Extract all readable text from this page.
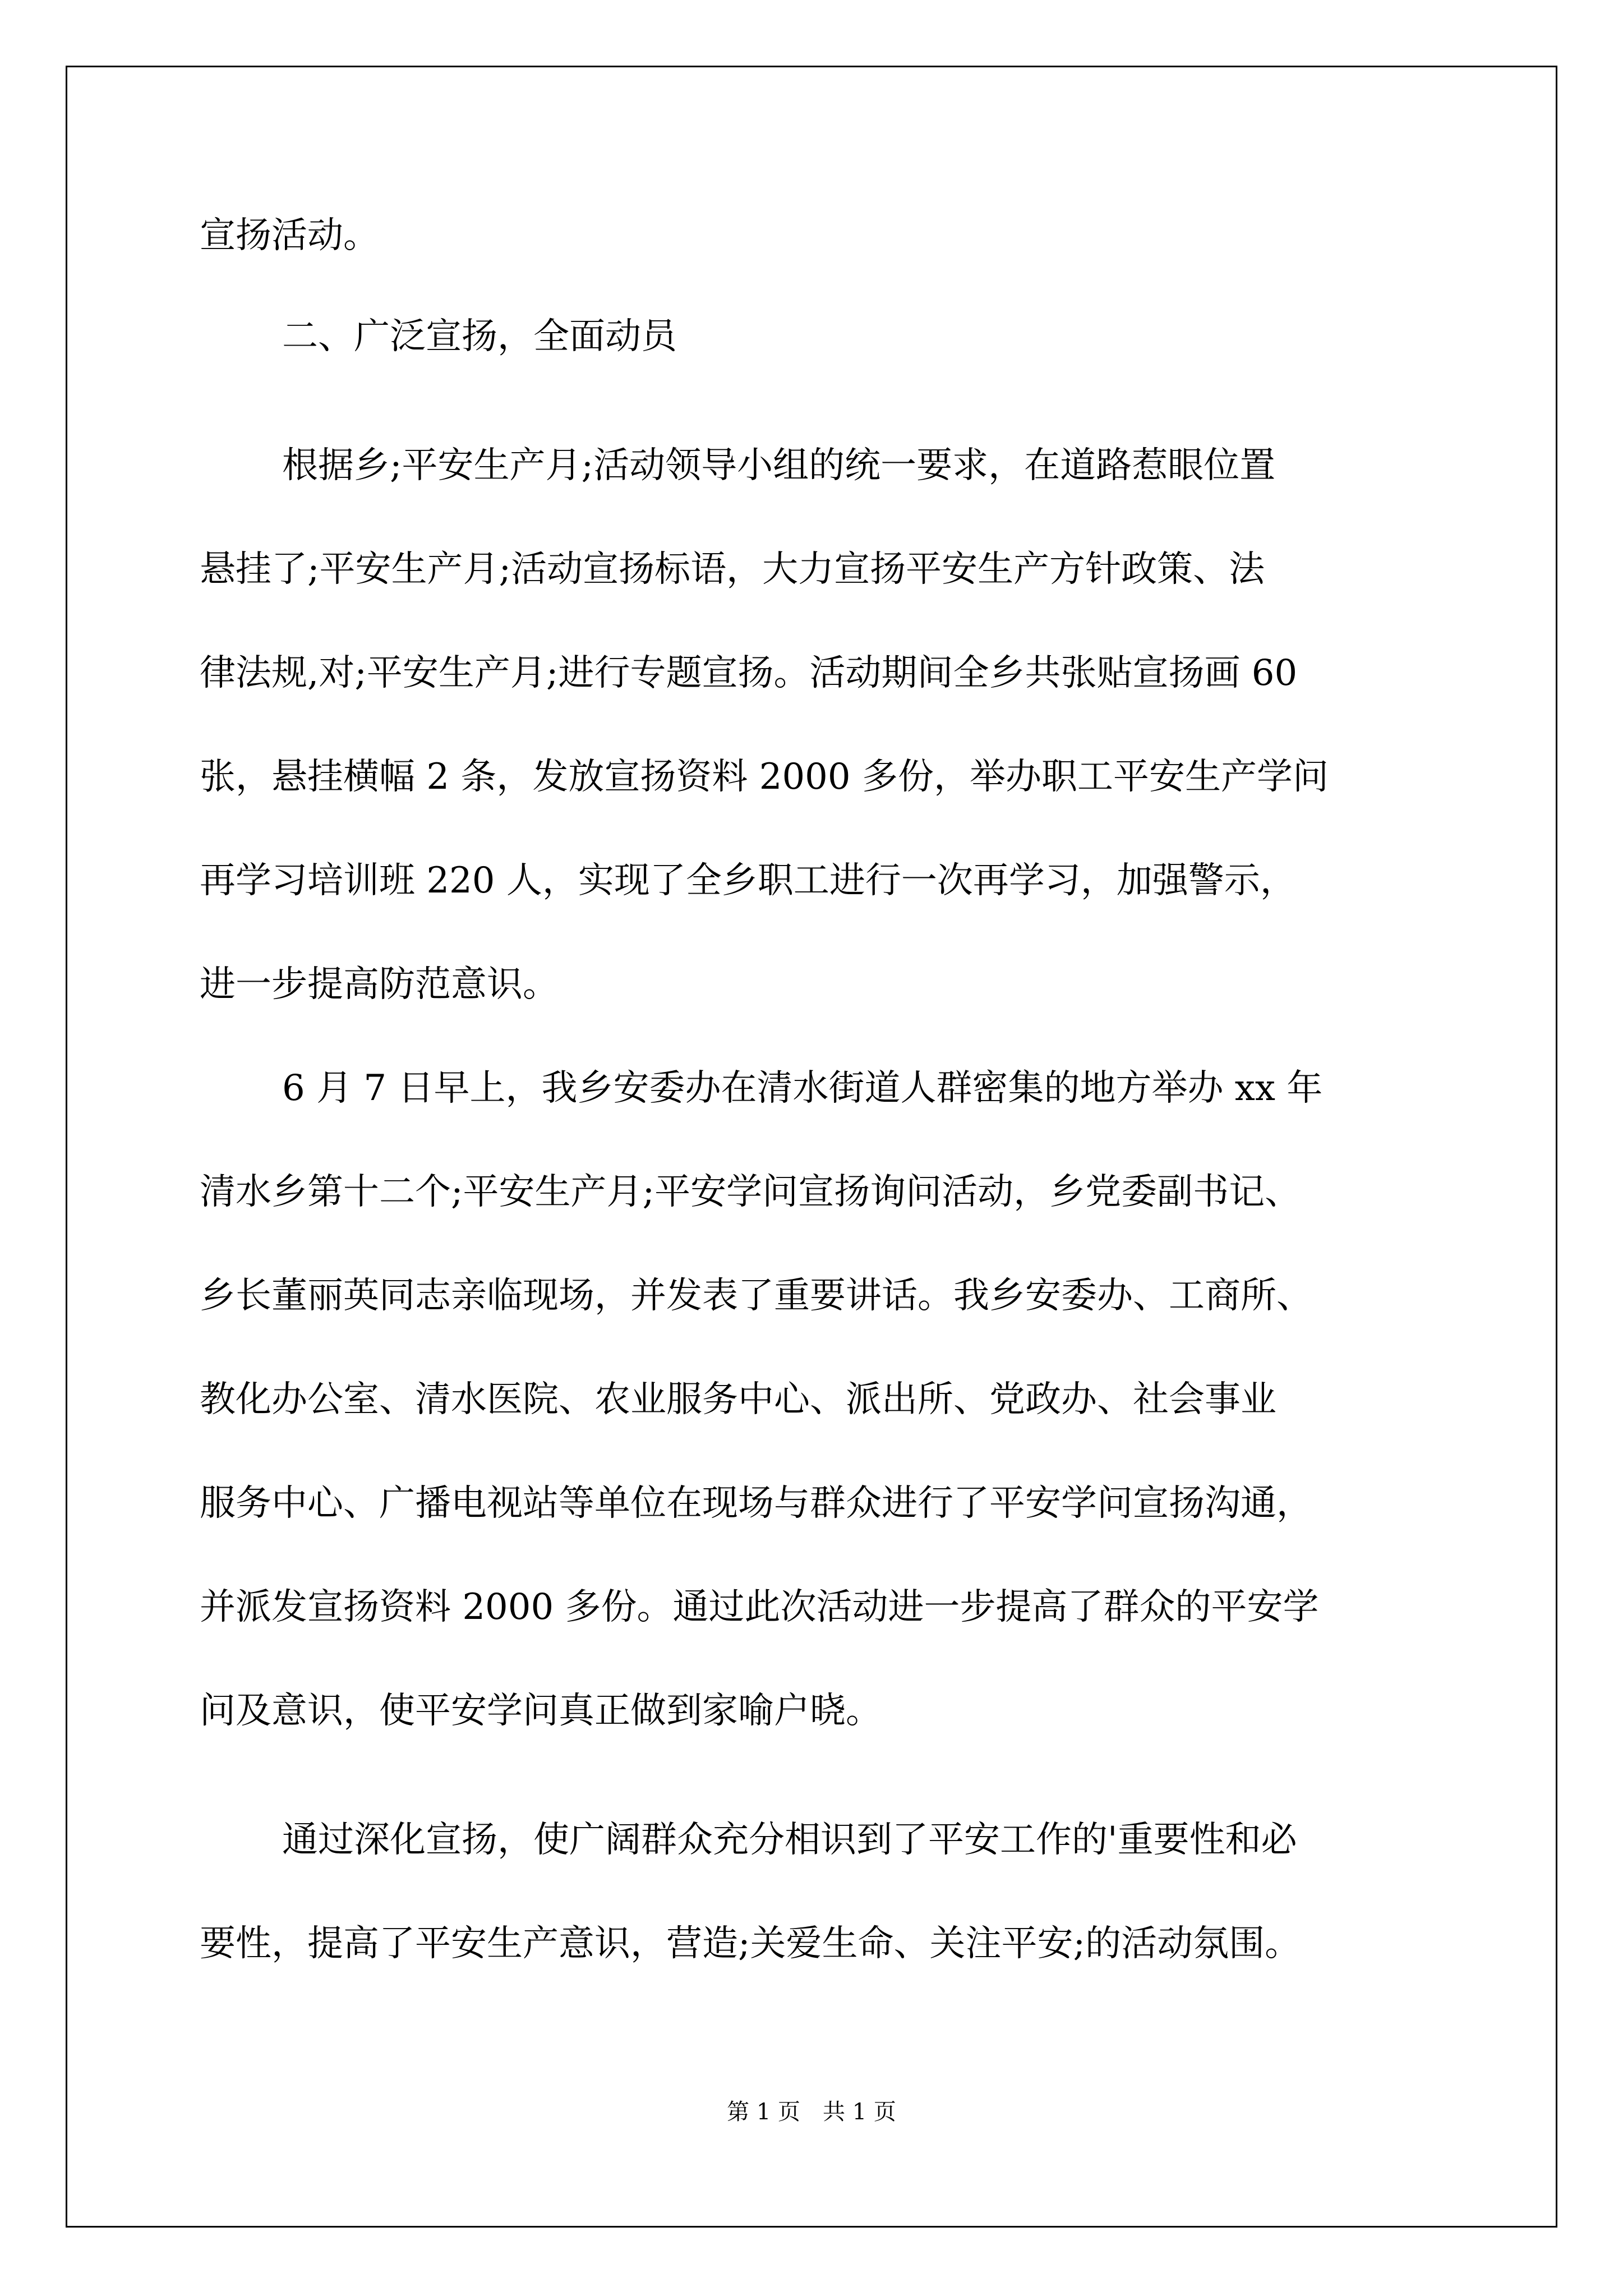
宣扬活动。

二、广泛宣扬，全面动员

根据乡;平安生产月;活动领导小组的统一要求，在道路惹眼位置

悬挂了;平安生产月;活动宣扬标语，大力宣扬平安生产方针政策、法

律法规,对;平安生产月;进行专题宣扬。活动期间全乡共张贴宣扬画 60

张，悬挂横幅 2 条，发放宣扬资料 2000 多份，举办职工平安生产学问

再学习培训班 220 人，实现了全乡职工进行一次再学习，加强警示，

进一步提高防范意识。

6 月 7 日早上，我乡安委办在清水街道人群密集的地方举办 xx 年

清水乡第十二个;平安生产月;平安学问宣扬询问活动，乡党委副书记、

乡长董丽英同志亲临现场，并发表了重要讲话。我乡安委办、工商所、

教化办公室、清水医院、农业服务中心、派出所、党政办、社会事业

服务中心、广播电视站等单位在现场与群众进行了平安学问宣扬沟通，

并派发宣扬资料 2000 多份。通过此次活动进一步提高了群众的平安学

问及意识，使平安学问真正做到家喻户晓。

通过深化宣扬，使广阔群众充分相识到了平安工作的'重要性和必

要性，提高了平安生产意识，营造;关爱生命、关注平安;的活动氛围。

第 1 页 共 1 页
